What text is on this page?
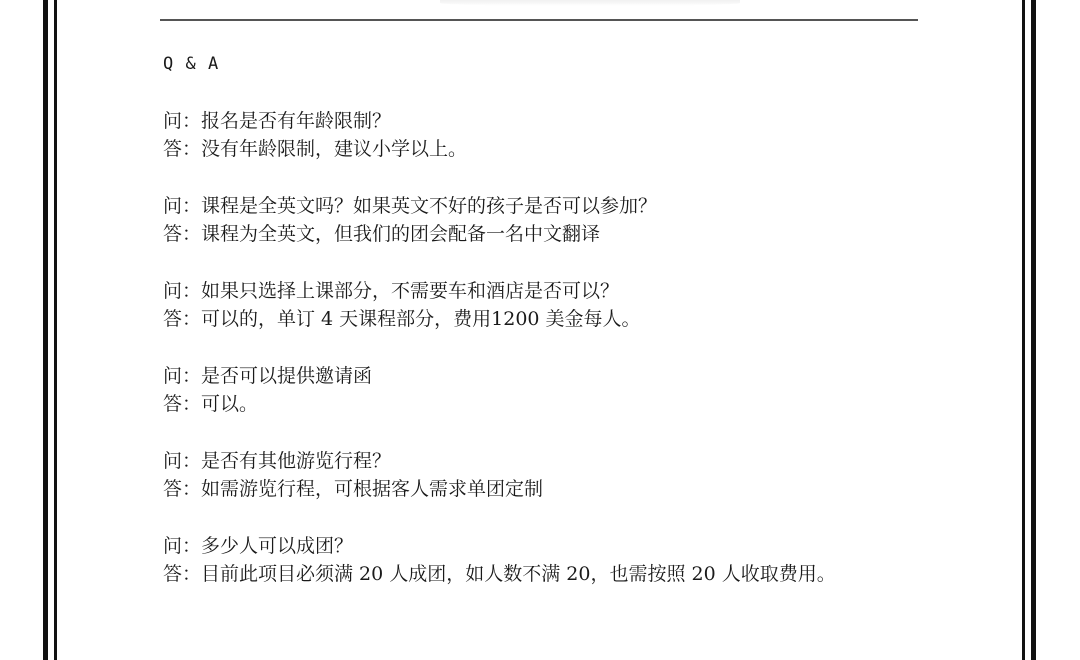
Q & A
问：报名是否有年龄限制？
答：没有年龄限制，建议小学以上。
问：课程是全英文吗？如果英文不好的孩子是否可以参加？
答：课程为全英文，但我们的团会配备一名中文翻译
问：如果只选择上课部分，不需要车和酒店是否可以？
答：可以的，单订 4 天课程部分，费用1200 美金每人。
问：是否可以提供邀请函
答：可以。
问：是否有其他游览行程？
答：如需游览行程，可根据客人需求单团定制
问：多少人可以成团？
答：目前此项目必须满 20 人成团，如人数不满 20，也需按照 20 人收取费用。
